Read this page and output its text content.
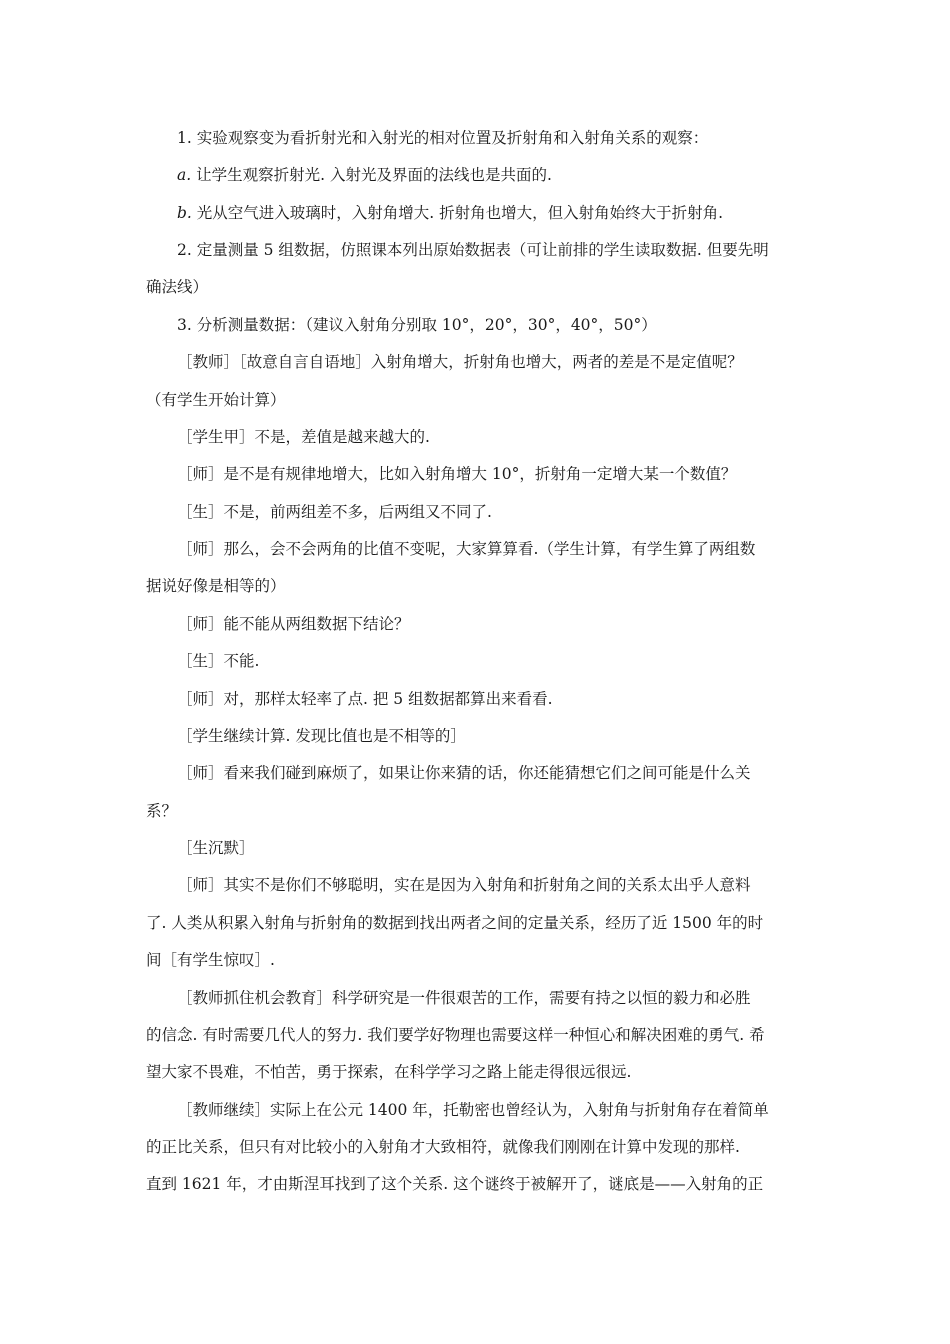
1. 实验观察变为看折射光和入射光的相对位置及折射角和入射角关系的观察：
a. 让学生观察折射光. 入射光及界面的法线也是共面的.
b. 光从空气进入玻璃时，入射角增大. 折射角也增大，但入射角始终大于折射角.
2. 定量测量 5 组数据，仿照课本列出原始数据表（可让前排的学生读取数据. 但要先明
确法线）
3. 分析测量数据：（建议入射角分别取 10°，20°，30°，40°，50°）
［教师］［故意自言自语地］入射角增大，折射角也增大，两者的差是不是定值呢？
（有学生开始计算）
［学生甲］不是，差值是越来越大的.
［师］是不是有规律地增大，比如入射角增大 10°，折射角一定增大某一个数值？
［生］不是，前两组差不多，后两组又不同了.
［师］那么，会不会两角的比值不变呢，大家算算看.（学生计算，有学生算了两组数
据说好像是相等的）
［师］能不能从两组数据下结论？
［生］不能.
［师］对，那样太轻率了点. 把 5 组数据都算出来看看.
［学生继续计算. 发现比值也是不相等的］
［师］看来我们碰到麻烦了，如果让你来猜的话，你还能猜想它们之间可能是什么关
系？
［生沉默］
［师］其实不是你们不够聪明，实在是因为入射角和折射角之间的关系太出乎人意料
了. 人类从积累入射角与折射角的数据到找出两者之间的定量关系，经历了近 1500 年的时
间［有学生惊叹］.
［教师抓住机会教育］科学研究是一件很艰苦的工作，需要有持之以恒的毅力和必胜
的信念. 有时需要几代人的努力. 我们要学好物理也需要这样一种恒心和解决困难的勇气. 希
望大家不畏难，不怕苦，勇于探索，在科学学习之路上能走得很远很远.
［教师继续］实际上在公元 1400 年，托勒密也曾经认为，入射角与折射角存在着简单
的正比关系，但只有对比较小的入射角才大致相符，就像我们刚刚在计算中发现的那样.
直到 1621 年，才由斯涅耳找到了这个关系. 这个谜终于被解开了，谜底是——入射角的正
